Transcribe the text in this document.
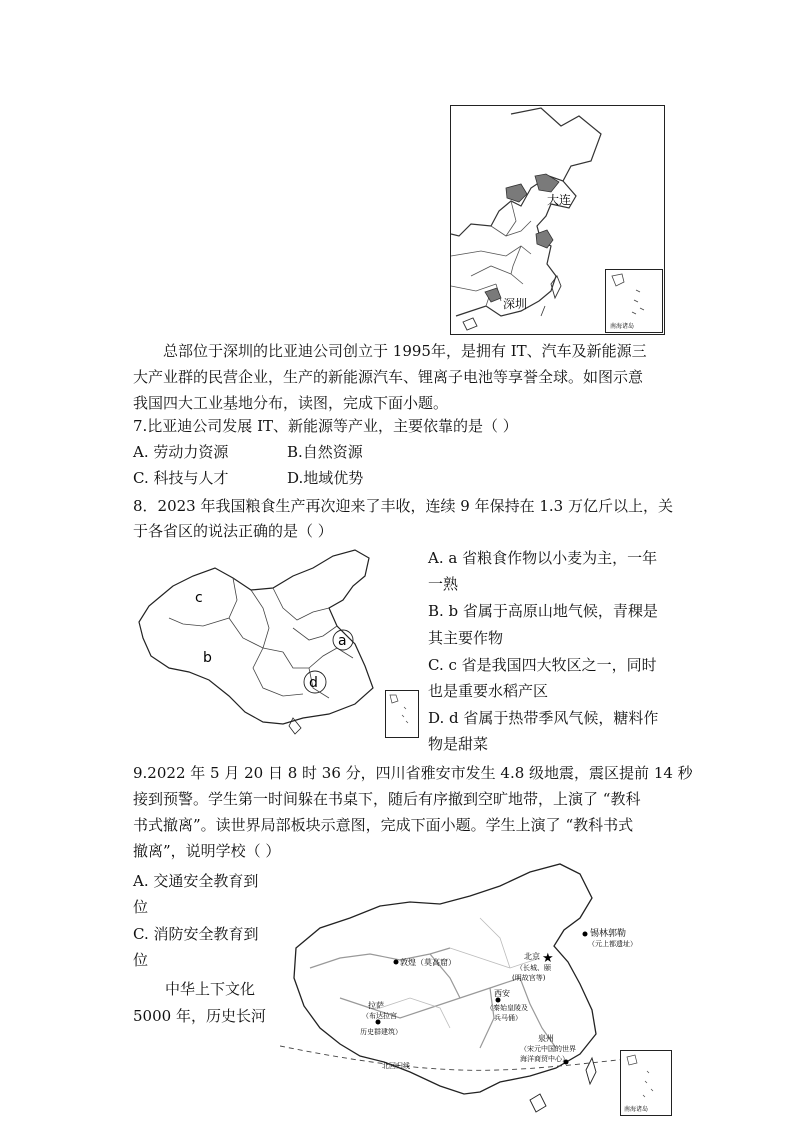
大连
深圳
南海诸岛
总部位于深圳的比亚迪公司创立于 1995年，是拥有 IT、汽车及新能源三
大产业群的民营企业，生产的新能源汽车、锂离子电池等享誉全球。如图示意
我国四大工业基地分布，读图，完成下面小题。
7.比亚迪公司发展 IT、新能源等产业，主要依靠的是（ ）
A. 劳动力资源	B.自然资源
C. 科技与人才	D.地域优势
8．2023 年我国粮食生产再次迎来了丰收，连续 9 年保持在 1.3 万亿斤以上，关
于各省区的说法正确的是（ ）
c
b
a
d
A. a 省粮食作物以小麦为主，一年
一熟
B. b 省属于高原山地气候，青稞是
其主要作物
C. c 省是我国四大牧区之一，同时
也是重要水稻产区
D. d 省属于热带季风气候，糖料作
物是甜菜
9.2022 年 5 月 20 日 8 时 36 分，四川省雅安市发生 4.8 级地震，震区提前 14 秒
接到预警。学生第一时间躲在书桌下，随后有序撤到空旷地带，上演了 “教科
书式撤离”。读世界局部板块示意图，完成下面小题。学生上演了 “教科书式
撤离”，说明学校（ ）
A. 交通安全教育到
位
C. 消防安全教育到
位
中华上下文化
5000 年，历史长河
锡林郭勒
（元上都遗址）
★
北京
（长城、颐
(明故宫等)
敦煌（莫高窟）
拉萨
（布达拉宫
历史群建筑）
西安
（秦始皇陵及
兵马俑）
泉州
（宋元中国的世界
海洋商贸中心）
北回归线
南海诸岛
